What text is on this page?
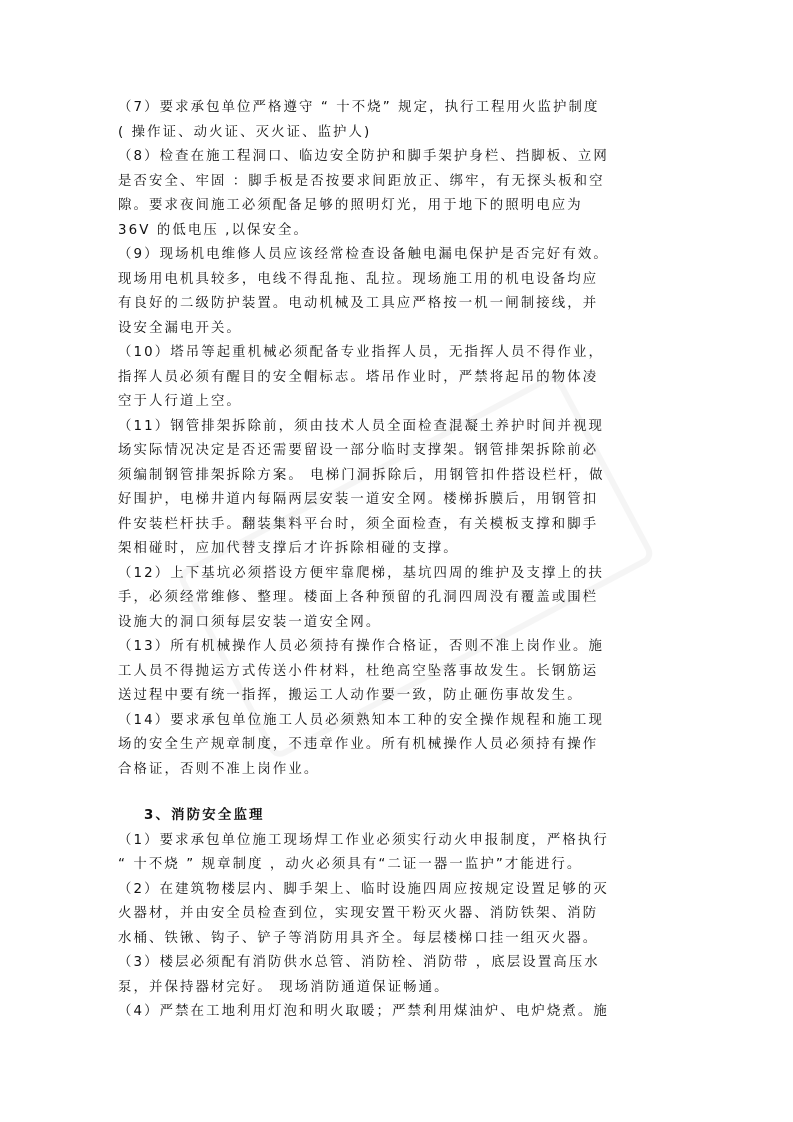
（7）要求承包单位严格遵守 “ 十不烧” 规定，执行工程用火监护制度
( 操作证、动火证、灭火证、监护人)
（8）检查在施工程洞口、临边安全防护和脚手架护身栏、挡脚板、立网
是否安全、牢固 ：脚手板是否按要求间距放正、绑牢，有无探头板和空
隙。要求夜间施工必须配备足够的照明灯光，用于地下的照明电应为
36V 的低电压 ,以保安全。
（9）现场机电维修人员应该经常检查设备触电漏电保护是否完好有效。
现场用电机具较多，电线不得乱拖、乱拉。现场施工用的机电设备均应
有良好的二级防护装置。电动机械及工具应严格按一机一闸制接线，并
设安全漏电开关。
（10）塔吊等起重机械必须配备专业指挥人员，无指挥人员不得作业，
指挥人员必须有醒目的安全帽标志。塔吊作业时，严禁将起吊的物体凌
空于人行道上空。
（11）钢管排架拆除前，须由技术人员全面检查混凝土养护时间并视现
场实际情况决定是否还需要留设一部分临时支撑架。钢管排架拆除前必
须编制钢管排架拆除方案。 电梯门洞拆除后，用钢管扣件搭设栏杆，做
好围护，电梯井道内每隔两层安装一道安全网。楼梯拆膜后，用钢管扣
件安装栏杆扶手。翻装集料平台时，须全面检查，有关模板支撑和脚手
架相碰时，应加代替支撑后才许拆除相碰的支撑。
（12）上下基坑必须搭设方便牢靠爬梯，基坑四周的维护及支撑上的扶
手，必须经常维修、整理。楼面上各种预留的孔洞四周没有覆盖或围栏
设施大的洞口须每层安装一道安全网。
（13）所有机械操作人员必须持有操作合格证，否则不准上岗作业。施
工人员不得抛运方式传送小件材料，杜绝高空坠落事故发生。长钢筋运
送过程中要有统一指挥，搬运工人动作要一致，防止砸伤事故发生。
（14）要求承包单位施工人员必须熟知本工种的安全操作规程和施工现
场的安全生产规章制度，不违章作业。所有机械操作人员必须持有操作
合格证，否则不准上岗作业。
3、消防安全监理
（1）要求承包单位施工现场焊工作业必须实行动火申报制度，严格执行
“ 十不烧 ” 规章制度 ，动火必须具有“二证一器一监护”才能进行。
（2）在建筑物楼层内、脚手架上、临时设施四周应按规定设置足够的灭
火器材，并由安全员检查到位，实现安置干粉灭火器、消防铁架、消防
水桶、铁锹、钩子、铲子等消防用具齐全。每层楼梯口挂一组灭火器。
（3）楼层必须配有消防供水总管、消防栓、消防带 ，底层设置高压水
泵，并保持器材完好。 现场消防通道保证畅通。
（4）严禁在工地利用灯泡和明火取暖；严禁利用煤油炉、电炉烧煮。施
